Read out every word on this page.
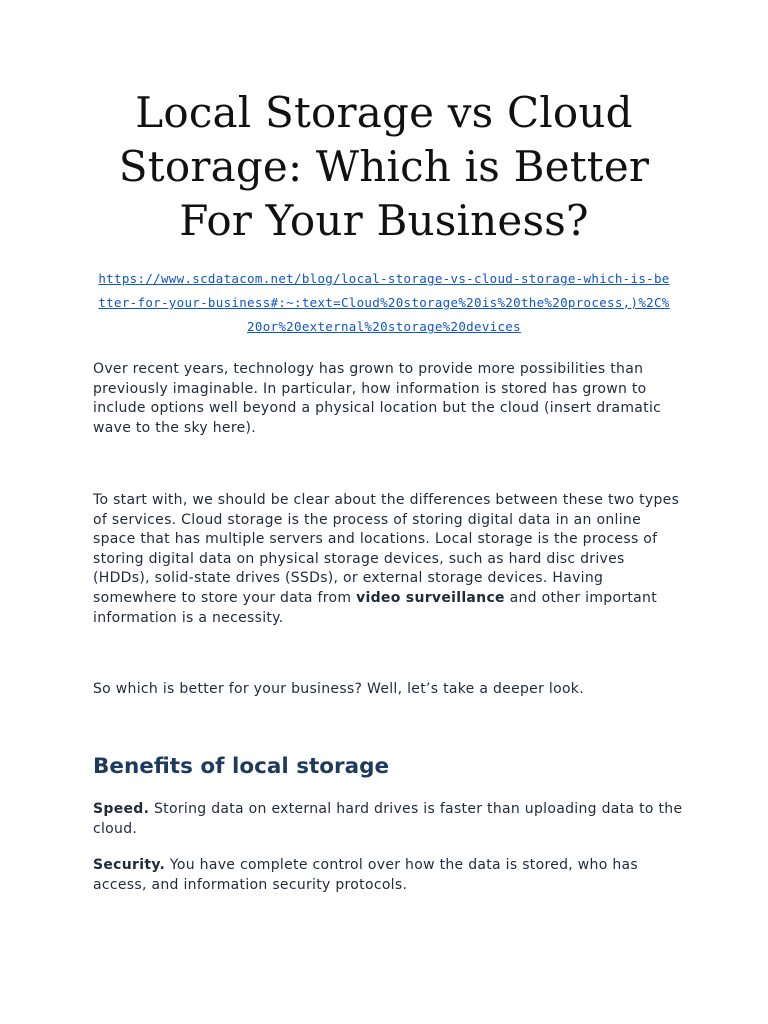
Local Storage vs Cloud Storage: Which is Better For Your Business?
https://www.scdatacom.net/blog/local-storage-vs-cloud-storage-which-is-better-for-your-business#:~:text=Cloud%20storage%20is%20the%20process,)%2C%20or%20external%20storage%20devices

Over recent years, technology has grown to provide more possibilities than previously imaginable. In particular, how information is stored has grown to include options well beyond a physical location but the cloud (insert dramatic wave to the sky here).

To start with, we should be clear about the differences between these two types of services. Cloud storage is the process of storing digital data in an online space that has multiple servers and locations. Local storage is the process of storing digital data on physical storage devices, such as hard disc drives (HDDs), solid-state drives (SSDs), or external storage devices. Having somewhere to store your data from video surveillance and other important information is a necessity.

So which is better for your business? Well, let’s take a deeper look.

Benefits of local storage

Speed. Storing data on external hard drives is faster than uploading data to the cloud.

Security. You have complete control over how the data is stored, who has access, and information security protocols.
